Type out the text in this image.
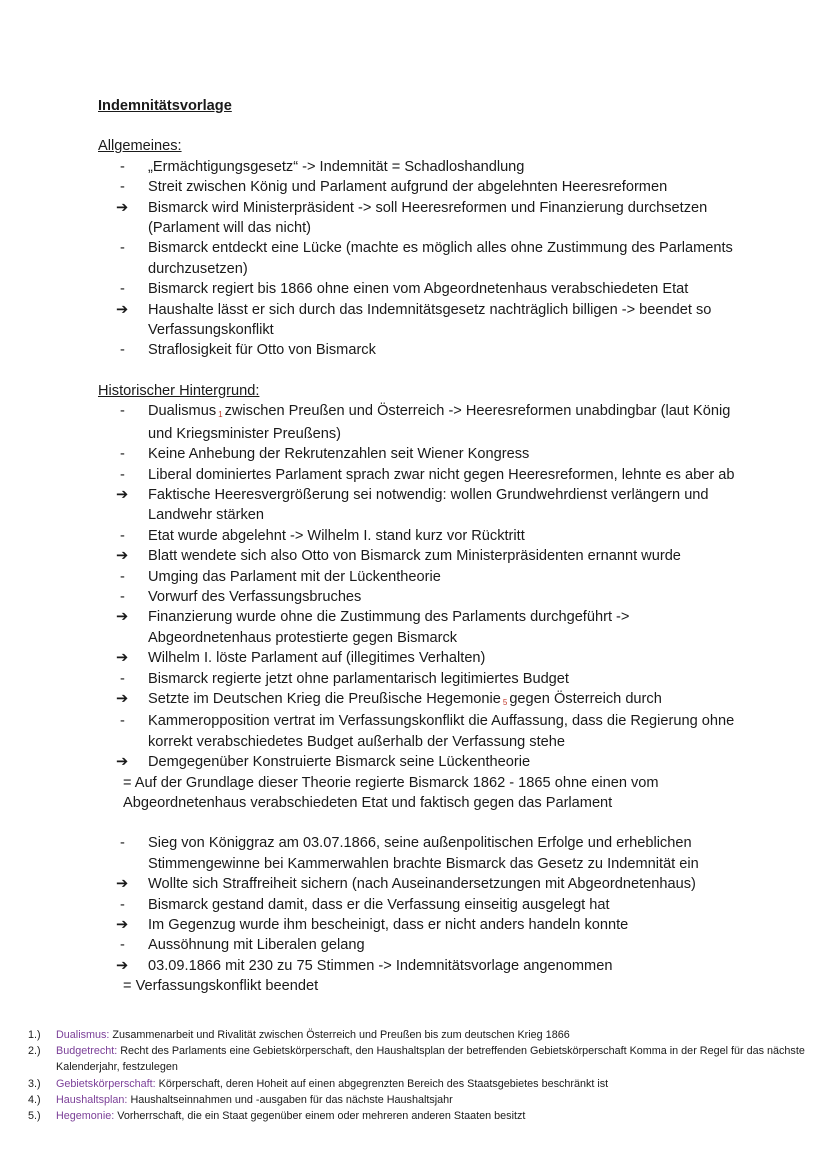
Indemnitätsvorlage

Allgemeines:

-	„Ermächtigungsgesetz“ -> Indemnität = Schadloshandlung
-	Streit zwischen König und Parlament aufgrund der abgelehnten Heeresreformen
➔	Bismarck wird Ministerpräsident -> soll Heeresreformen und Finanzierung durchsetzen (Parlament will das nicht)
-	Bismarck entdeckt eine Lücke (machte es möglich alles ohne Zustimmung des Parlaments durchzusetzen)
-	Bismarck regiert bis 1866 ohne einen vom Abgeordnetenhaus verabschiedeten Etat
➔	Haushalte lässt er sich durch das Indemnitätsgesetz nachträglich billigen -> beendet so Verfassungskonflikt
-	Straflosigkeit für Otto von Bismarck

Historischer Hintergrund:

-	Dualismus 1 zwischen Preußen und Österreich -> Heeresreformen unabdingbar (laut König und Kriegsminister Preußens)
-	Keine Anhebung der Rekrutenzahlen seit Wiener Kongress
-	Liberal dominiertes Parlament sprach zwar nicht gegen Heeresreformen, lehnte es aber ab
➔	Faktische Heeresvergrößerung sei notwendig: wollen Grundwehrdienst verlängern und Landwehr stärken
-	Etat wurde abgelehnt -> Wilhelm I. stand kurz vor Rücktritt
➔	Blatt wendete sich also Otto von Bismarck zum Ministerpräsidenten ernannt wurde
-	Umging das Parlament mit der Lückentheorie
-	Vorwurf des Verfassungsbruches
➔	Finanzierung wurde ohne die Zustimmung des Parlaments durchgeführt -> Abgeordnetenhaus protestierte gegen Bismarck
➔	Wilhelm I. löste Parlament auf (illegitimes Verhalten)
-	Bismarck regierte jetzt ohne parlamentarisch legitimiertes Budget
➔	Setzte im Deutschen Krieg die Preußische Hegemonie 5 gegen Österreich durch
-	Kammeropposition vertrat im Verfassungskonflikt die Auffassung, dass die Regierung ohne korrekt verabschiedetes Budget außerhalb der Verfassung stehe
➔	Demgegenüber Konstruierte Bismarck seine Lückentheorie

= Auf der Grundlage dieser Theorie regierte Bismarck 1862 - 1865 ohne einen vom Abgeordnetenhaus verabschiedeten Etat und faktisch gegen das Parlament

-	Sieg von Königgraz am 03.07.1866, seine außenpolitischen Erfolge und erheblichen Stimmengewinne bei Kammerwahlen brachte Bismarck das Gesetz zu Indemnität ein
➔	Wollte sich Straffreiheit sichern (nach Auseinandersetzungen mit Abgeordnetenhaus)
-	Bismarck gestand damit, dass er die Verfassung einseitig ausgelegt hat
➔	Im Gegenzug wurde ihm bescheinigt, dass er nicht anders handeln konnte
-	Aussöhnung mit Liberalen gelang
➔	03.09.1866 mit 230 zu 75 Stimmen -> Indemnitätsvorlage angenommen

= Verfassungskonflikt beendet

1.) Dualismus: Zusammenarbeit und Rivalität zwischen Österreich und Preußen bis zum deutschen Krieg 1866

2.) Budgetrecht: Recht des Parlaments eine Gebietskörperschaft, den Haushaltsplan der betreffenden Gebietskörperschaft Komma in der Regel für das nächste Kalenderjahr, festzulegen

3.) Gebietskörperschaft: Körperschaft, deren Hoheit auf einen abgegrenzten Bereich des Staatsgebietes beschränkt ist

4.) Haushaltsplan: Haushaltseinnahmen und -ausgaben für das nächste Haushaltsjahr

5.) Hegemonie: Vorherrschaft, die ein Staat gegenüber einem oder mehreren anderen Staaten besitzt
